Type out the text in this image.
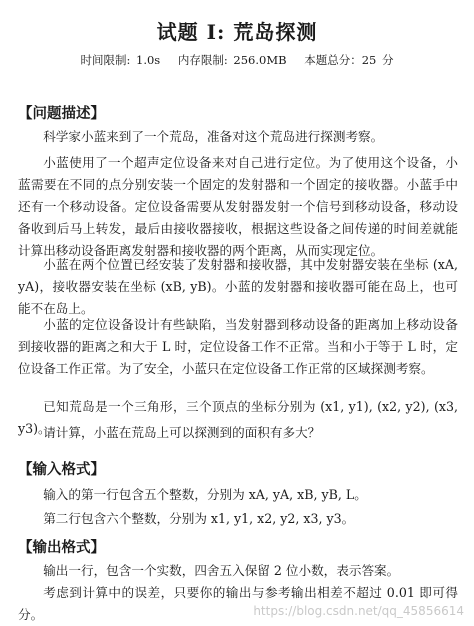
试题 I: 荒岛探测
时间限制: 1.0s 内存限制: 256.0MB 本题总分：25 分
【问题描述】
科学家小蓝来到了一个荒岛，准备对这个荒岛进行探测考察。
小蓝使用了一个超声定位设备来对自己进行定位。为了使用这个设备，小蓝需要在不同的点分别安装一个固定的发射器和一个固定的接收器。小蓝手中还有一个移动设备。定位设备需要从发射器发射一个信号到移动设备，移动设备收到后马上转发，最后由接收器接收，根据这些设备之间传递的时间差就能计算出移动设备距离发射器和接收器的两个距离，从而实现定位。
小蓝在两个位置已经安装了发射器和接收器，其中发射器安装在坐标 (xA, yA)，接收器安装在坐标 (xB, yB)。小蓝的发射器和接收器可能在岛上，也可能不在岛上。
小蓝的定位设备设计有些缺陷，当发射器到移动设备的距离加上移动设备到接收器的距离之和大于 L 时，定位设备工作不正常。当和小于等于 L 时，定位设备工作正常。为了安全，小蓝只在定位设备工作正常的区域探测考察。
已知荒岛是一个三角形，三个顶点的坐标分别为 (x1, y1), (x2, y2), (x3, y3)。
请计算，小蓝在荒岛上可以探测到的面积有多大？
【输入格式】
输入的第一行包含五个整数，分别为 xA, yA, xB, yB, L。
第二行包含六个整数，分别为 x1, y1, x2, y2, x3, y3。
【输出格式】
输出一行，包含一个实数，四舍五入保留 2 位小数，表示答案。
考虑到计算中的误差，只要你的输出与参考输出相差不超过 0.01 即可得分。	https://blog.csdn.net/qq_45856614
